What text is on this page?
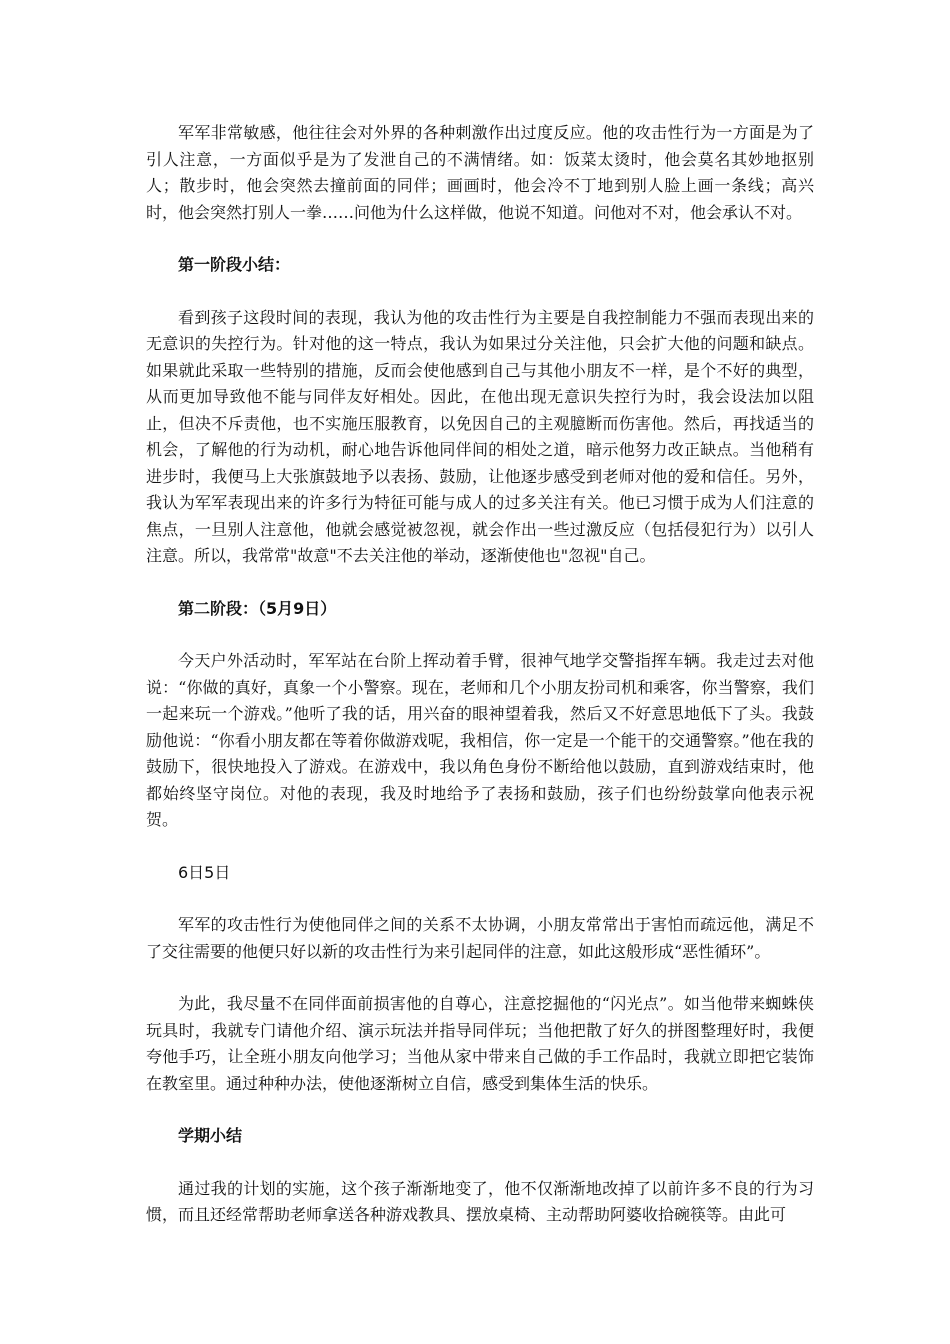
军军非常敏感，他往往会对外界的各种刺激作出过度反应。他的攻击性行为一方面是为了引人注意，一方面似乎是为了发泄自己的不满情绪。如：饭菜太烫时，他会莫名其妙地抠别人；散步时，他会突然去撞前面的同伴；画画时，他会冷不丁地到别人脸上画一条线；高兴时，他会突然打别人一拳……问他为什么这样做，他说不知道。问他对不对，他会承认不对。

第一阶段小结：

看到孩子这段时间的表现，我认为他的攻击性行为主要是自我控制能力不强而表现出来的无意识的失控行为。针对他的这一特点，我认为如果过分关注他，只会扩大他的问题和缺点。如果就此采取一些特别的措施，反而会使他感到自己与其他小朋友不一样，是个不好的典型，从而更加导致他不能与同伴友好相处。因此，在他出现无意识失控行为时，我会设法加以阻止，但决不斥责他，也不实施压服教育，以免因自己的主观臆断而伤害他。然后，再找适当的机会，了解他的行为动机，耐心地告诉他同伴间的相处之道，暗示他努力改正缺点。当他稍有进步时，我便马上大张旗鼓地予以表扬、鼓励，让他逐步感受到老师对他的爱和信任。另外，我认为军军表现出来的许多行为特征可能与成人的过多关注有关。他已习惯于成为人们注意的焦点，一旦别人注意他，他就会感觉被忽视，就会作出一些过激反应（包括侵犯行为）以引人注意。所以，我常常"故意"不去关注他的举动，逐渐使他也"忽视"自己。

第二阶段：（5月9日）

今天户外活动时，军军站在台阶上挥动着手臂，很神气地学交警指挥车辆。我走过去对他说：“你做的真好，真象一个小警察。现在，老师和几个小朋友扮司机和乘客，你当警察，我们一起来玩一个游戏。”他听了我的话，用兴奋的眼神望着我，然后又不好意思地低下了头。我鼓励他说：“你看小朋友都在等着你做游戏呢，我相信，你一定是一个能干的交通警察。”他在我的鼓励下，很快地投入了游戏。在游戏中，我以角色身份不断给他以鼓励，直到游戏结束时，他都始终坚守岗位。对他的表现，我及时地给予了表扬和鼓励，孩子们也纷纷鼓掌向他表示祝贺。

6日5日

军军的攻击性行为使他同伴之间的关系不太协调，小朋友常常出于害怕而疏远他，满足不了交往需要的他便只好以新的攻击性行为来引起同伴的注意，如此这般形成“恶性循环”。

为此，我尽量不在同伴面前损害他的自尊心，注意挖掘他的“闪光点”。如当他带来蜘蛛侠玩具时，我就专门请他介绍、演示玩法并指导同伴玩；当他把散了好久的拼图整理好时，我便夸他手巧，让全班小朋友向他学习；当他从家中带来自己做的手工作品时，我就立即把它装饰在教室里。通过种种办法，使他逐渐树立自信，感受到集体生活的快乐。

学期小结

通过我的计划的实施，这个孩子渐渐地变了，他不仅渐渐地改掉了以前许多不良的行为习惯，而且还经常帮助老师拿送各种游戏教具、摆放桌椅、主动帮助阿婆收拾碗筷等。由此可
